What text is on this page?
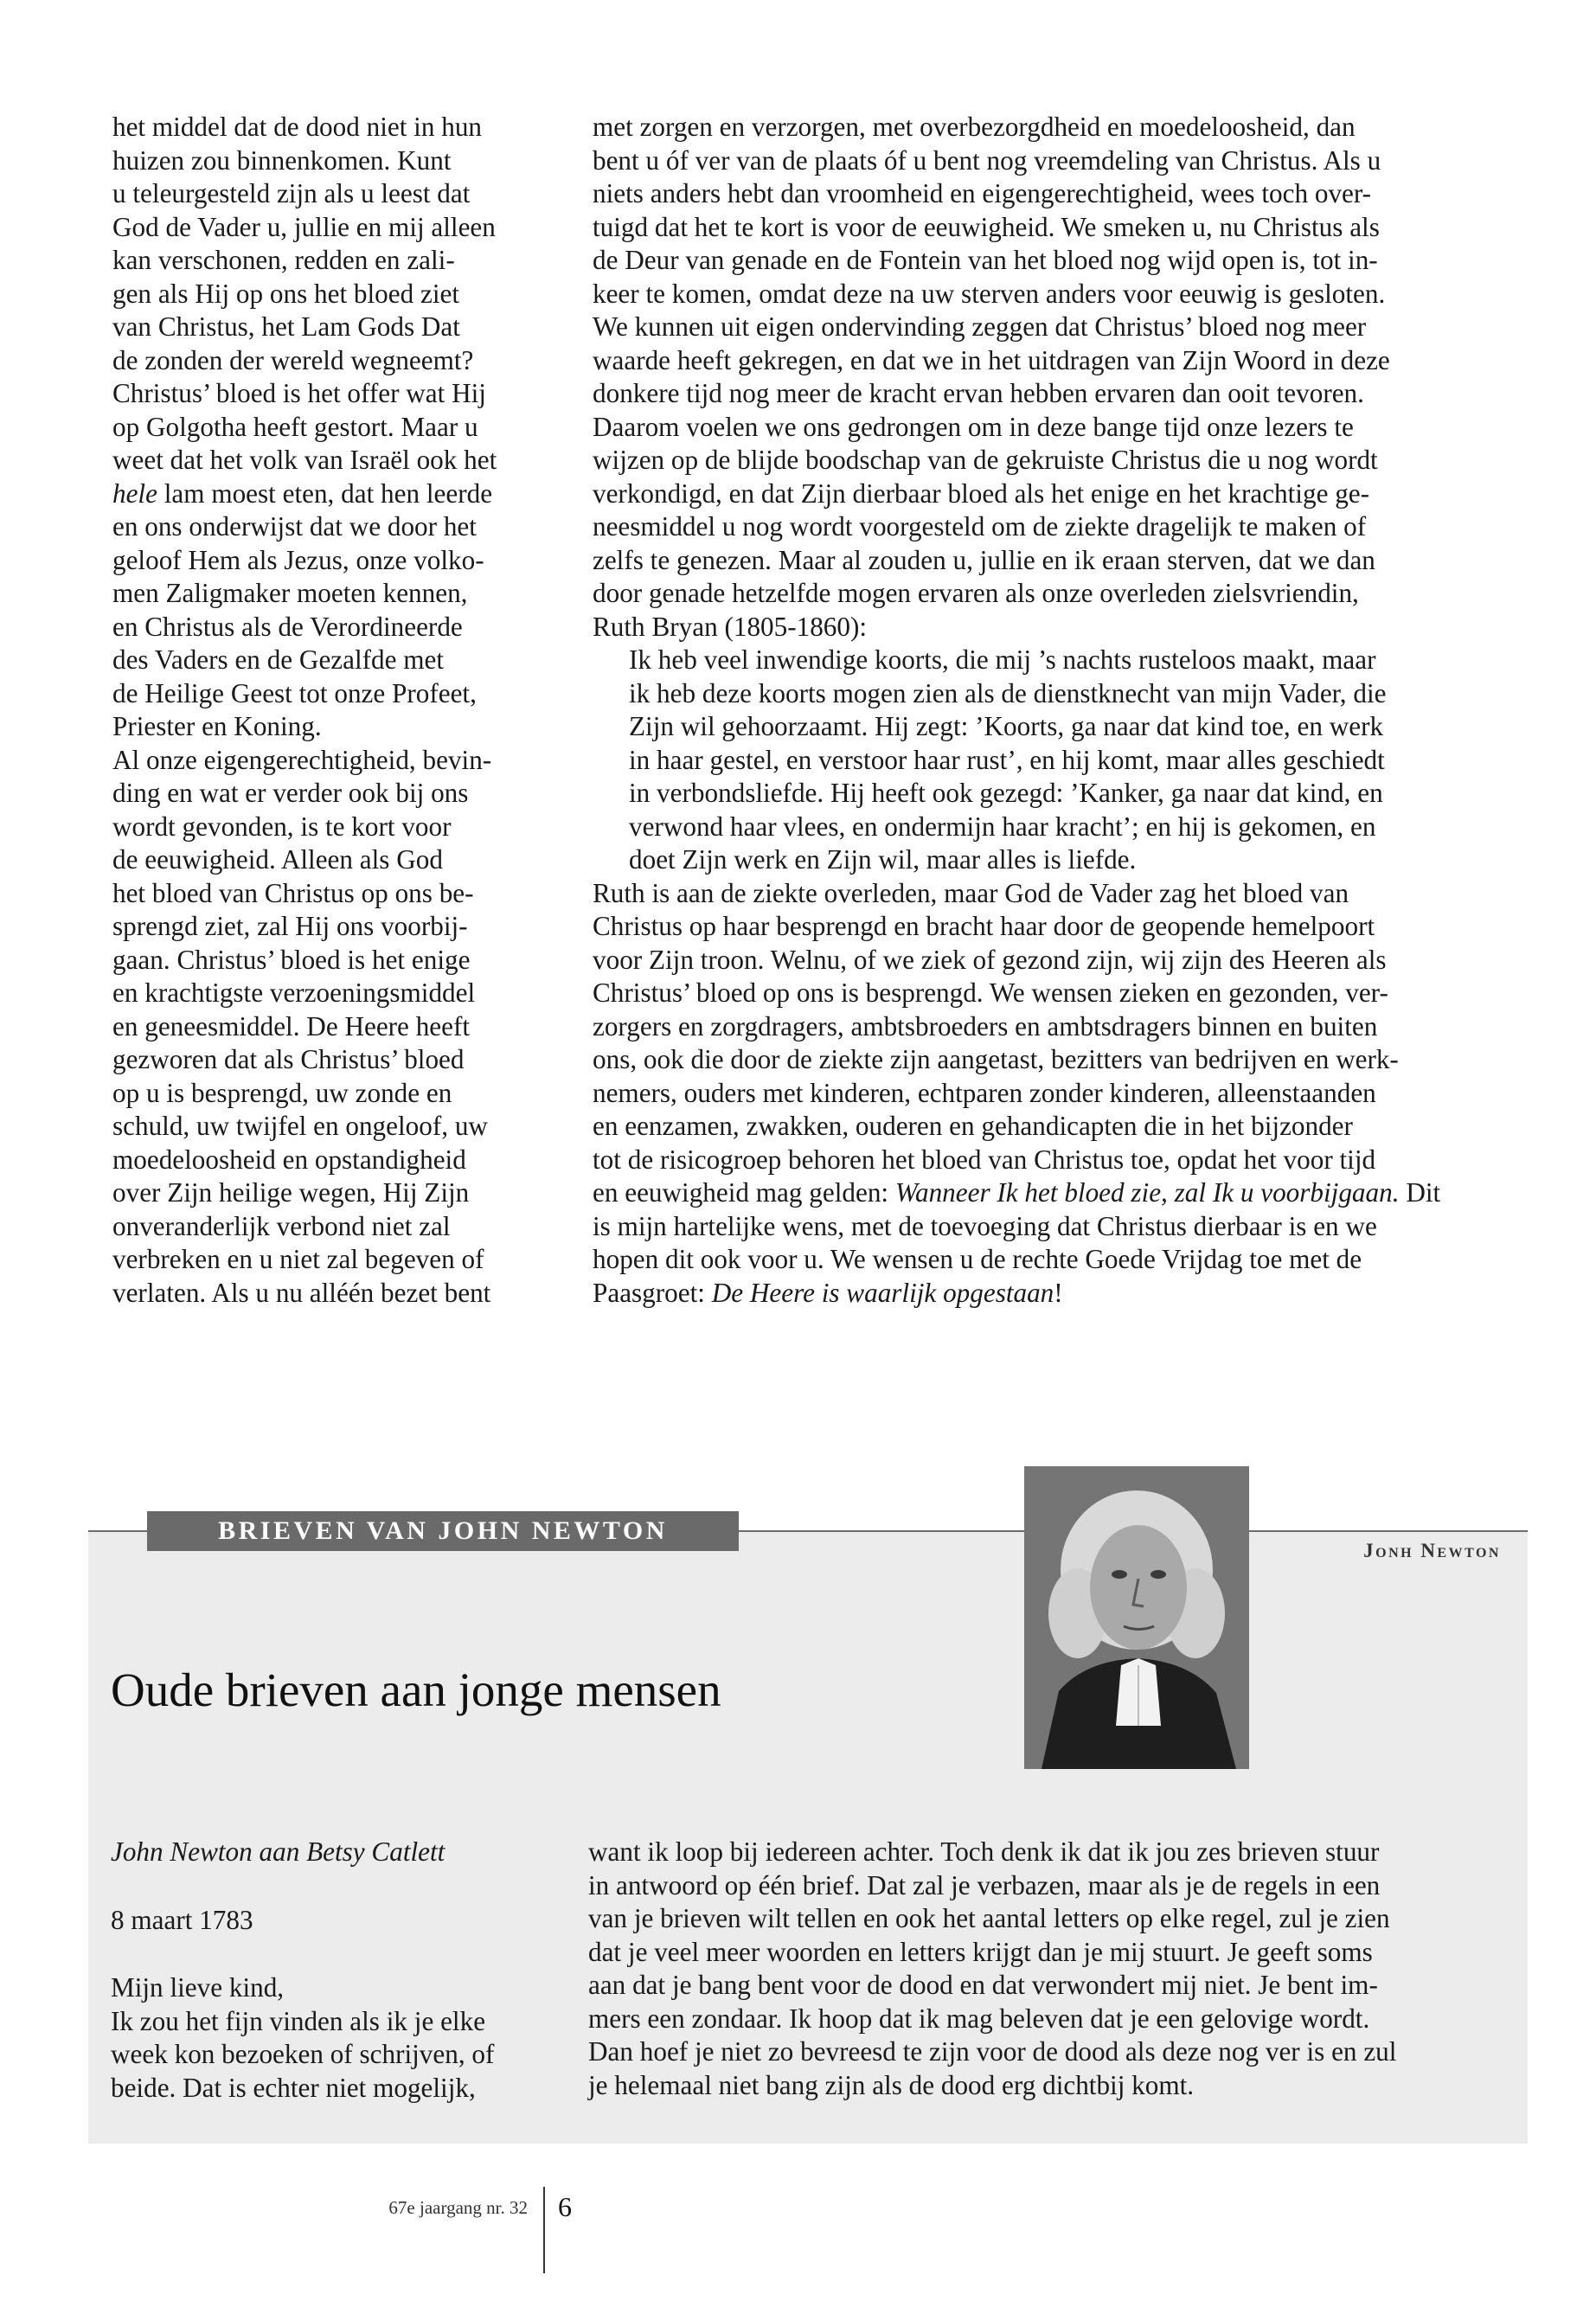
het middel dat de dood niet in hun

huizen zou binnenkomen. Kunt

u teleurgesteld zijn als u leest dat

God de Vader u, jullie en mij alleen

kan verschonen, redden en zali-

gen als Hij op ons het bloed ziet

van Christus, het Lam Gods Dat

de zonden der wereld wegneemt?

Christus’ bloed is het offer wat Hij

op Golgotha heeft gestort. Maar u

weet dat het volk van Israël ook het

hele lam moest eten, dat hen leerde

en ons onderwijst dat we door het

geloof Hem als Jezus, onze volko-

men Zaligmaker moeten kennen,

en Christus als de Verordineerde

des Vaders en de Gezalfde met

de Heilige Geest tot onze Profeet,

Priester en Koning.

Al onze eigengerechtigheid, bevin-

ding en wat er verder ook bij ons

wordt gevonden, is te kort voor

de eeuwigheid. Alleen als God

het bloed van Christus op ons be-

sprengd ziet, zal Hij ons voorbij-

gaan. Christus’ bloed is het enige

en krachtigste verzoeningsmiddel

en geneesmiddel. De Heere heeft

gezworen dat als Christus’ bloed

op u is besprengd, uw zonde en

schuld, uw twijfel en ongeloof, uw

moedeloosheid en opstandigheid

over Zijn heilige wegen, Hij Zijn

onveranderlijk verbond niet zal

verbreken en u niet zal begeven of

verlaten. Als u nu alléén bezet bent

met zorgen en verzorgen, met overbezorgdheid en moedeloosheid, dan

bent u óf ver van de plaats óf u bent nog vreemdeling van Christus. Als u

niets anders hebt dan vroomheid en eigengerechtigheid, wees toch over-

tuigd dat het te kort is voor de eeuwigheid. We smeken u, nu Christus als

de Deur van genade en de Fontein van het bloed nog wijd open is, tot in-

keer te komen, omdat deze na uw sterven anders voor eeuwig is gesloten.

We kunnen uit eigen ondervinding zeggen dat Christus’ bloed nog meer

waarde heeft gekregen, en dat we in het uitdragen van Zijn Woord in deze

donkere tijd nog meer de kracht ervan hebben ervaren dan ooit tevoren.

Daarom voelen we ons gedrongen om in deze bange tijd onze lezers te

wijzen op de blijde boodschap van de gekruiste Christus die u nog wordt

verkondigd, en dat Zijn dierbaar bloed als het enige en het krachtige ge-

neesmiddel u nog wordt voorgesteld om de ziekte dragelijk te maken of

zelfs te genezen. Maar al zouden u, jullie en ik eraan sterven, dat we dan

door genade hetzelfde mogen ervaren als onze overleden zielsvriendin,

Ruth Bryan (1805-1860):

Ik heb veel inwendige koorts, die mij ’s nachts rusteloos maakt, maar

ik heb deze koorts mogen zien als de dienstknecht van mijn Vader, die

Zijn wil gehoorzaamt. Hij zegt: ’Koorts, ga naar dat kind toe, en werk

in haar gestel, en verstoor haar rust’, en hij komt, maar alles geschiedt

in verbondsliefde. Hij heeft ook gezegd: ’Kanker, ga naar dat kind, en

verwond haar vlees, en ondermijn haar kracht’; en hij is gekomen, en

doet Zijn werk en Zijn wil, maar alles is liefde.

Ruth is aan de ziekte overleden, maar God de Vader zag het bloed van

Christus op haar besprengd en bracht haar door de geopende hemelpoort

voor Zijn troon. Welnu, of we ziek of gezond zijn, wij zijn des Heeren als

Christus’ bloed op ons is besprengd. We wensen zieken en gezonden, ver-

zorgers en zorgdragers, ambtsbroeders en ambtsdragers binnen en buiten

ons, ook die door de ziekte zijn aangetast, bezitters van bedrijven en werk-

nemers, ouders met kinderen, echtparen zonder kinderen, alleenstaanden

en eenzamen, zwakken, ouderen en gehandicapten die in het bijzonder

tot de risicogroep behoren het bloed van Christus toe, opdat het voor tijd

en eeuwigheid mag gelden: Wanneer Ik het bloed zie, zal Ik u voorbijgaan. Dit

is mijn hartelijke wens, met de toevoeging dat Christus dierbaar is en we

hopen dit ook voor u. We wensen u de rechte Goede Vrijdag toe met de

Paasgroet: De Heere is waarlijk opgestaan!

BRIEVEN VAN JOHN NEWTON
Jonh Newton
Oude brieven aan jonge mensen

John Newton aan Betsy Catlett

8 maart 1783

Mijn lieve kind,

Ik zou het fijn vinden als ik je elke

week kon bezoeken of schrijven, of

beide. Dat is echter niet mogelijk,

want ik loop bij iedereen achter. Toch denk ik dat ik jou zes brieven stuur

in antwoord op één brief. Dat zal je verbazen, maar als je de regels in een

van je brieven wilt tellen en ook het aantal letters op elke regel, zul je zien

dat je veel meer woorden en letters krijgt dan je mij stuurt. Je geeft soms

aan dat je bang bent voor de dood en dat verwondert mij niet. Je bent im-

mers een zondaar. Ik hoop dat ik mag beleven dat je een gelovige wordt.

Dan hoef je niet zo bevreesd te zijn voor de dood als deze nog ver is en zul

je helemaal niet bang zijn als de dood erg dichtbij komt.

67e jaargang nr. 32 6
